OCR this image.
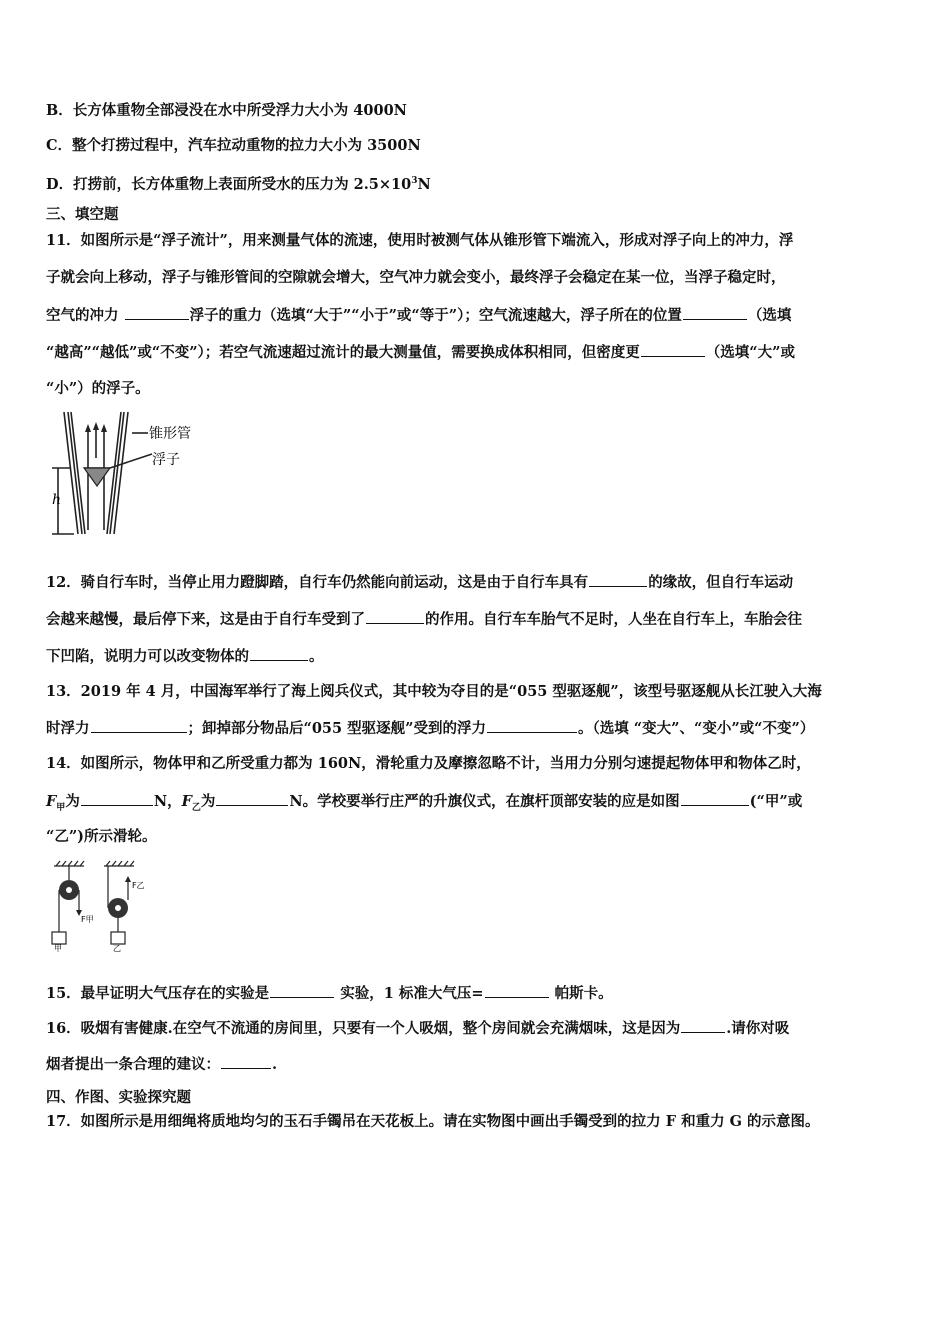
B．长方体重物全部浸没在水中所受浮力大小为 4000N
C．整个打捞过程中，汽车拉动重物的拉力大小为 3500N
D．打捞前，长方体重物上表面所受水的压力为 $2.5\times 10^3N$
三、填空题
11．如图所示是“浮子流计”，用来测量气体的流速，使用时被测气体从锥形管下端流入，形成对浮子向上的冲力，浮
子就会向上移动，浮子与锥形管间的空隙就会增大，空气冲力就会变小，最终浮子会稳定在某一位，当浮子稳定时，
空气的冲力	浮子的重力（选填“大于”“小于”或“等于”）；空气流速越大，浮子所在的位置	（选填
“越高”“越低”或“不变”）；若空气流速超过流计的最大测量值，需要换成体积相同，但密度更	（选填“大”或
“小”）的浮子。
锥形管
浮子
h
12．骑自行车时，当停止用力蹬脚踏，自行车仍然能向前运动，这是由于自行车具有	的缘故，但自行车运动
会越来越慢，最后停下来，这是由于自行车受到了	的作用。自行车车胎气不足时，人坐在自行车上，车胎会往
下凹陷，说明力可以改变物体的	。
13．2019 年 4 月，中国海军举行了海上阅兵仪式，其中较为夺目的是“055 型驱逐舰”，该型号驱逐舰从长江驶入大海
时浮力	；卸掉部分物品后“055 型驱逐舰”受到的浮力	。（选填 “变大”、“变小”或“不变”）
14．如图所示，物体甲和乙所受重力都为 160N，滑轮重力及摩擦忽略不计，当用力分别匀速提起物体甲和物体乙时，
$F_甲$为	N，$F_乙$为	N。学校要举行庄严的升旗仪式，在旗杆顶部安装的应是如图	(“甲”或
“乙”)所示滑轮。
F甲
F乙
甲	乙
15．最早证明大气压存在的实验是	实验，1 标准大气压=	帕斯卡。
16．吸烟有害健康.在空气不流通的房间里，只要有一个人吸烟，整个房间就会充满烟味，这是因为	.请你对吸
烟者提出一条合理的建议：	.
四、作图、实验探究题
17．如图所示是用细绳将质地均匀的玉石手镯吊在天花板上。请在实物图中画出手镯受到的拉力 F 和重力 G 的示意图。
